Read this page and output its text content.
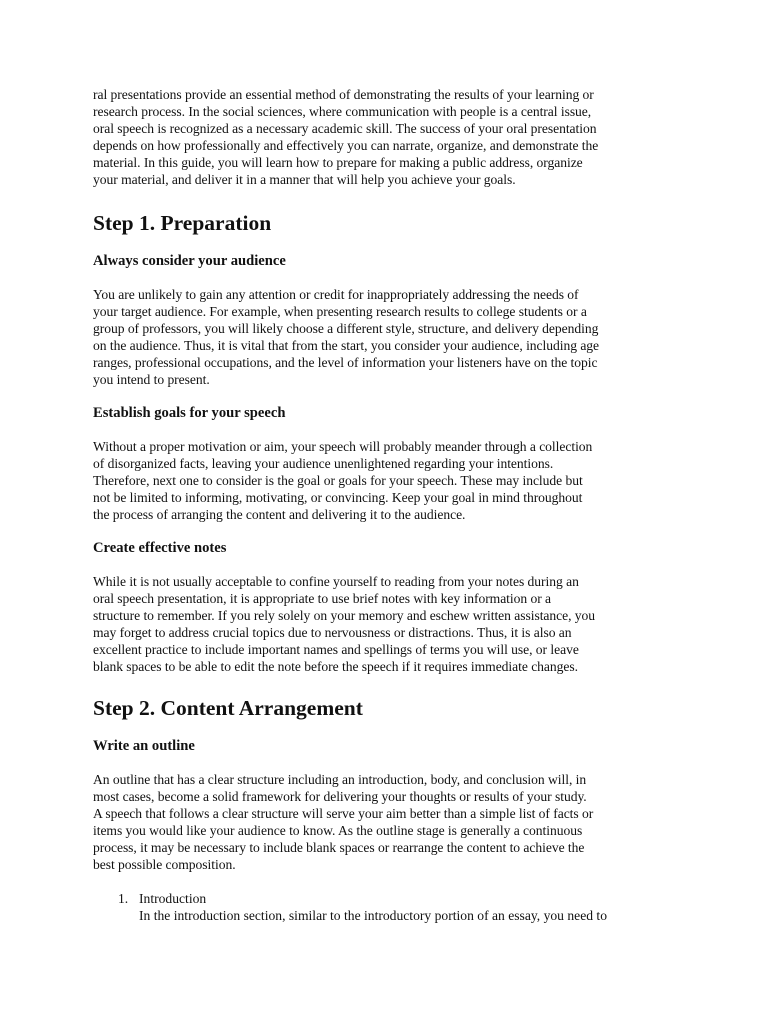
ral presentations provide an essential method of demonstrating the results of your learning or
research process. In the social sciences, where communication with people is a central issue,
oral speech is recognized as a necessary academic skill. The success of your oral presentation
depends on how professionally and effectively you can narrate, organize, and demonstrate the
material. In this guide, you will learn how to prepare for making a public address, organize
your material, and deliver it in a manner that will help you achieve your goals.

Step 1. Preparation
Always consider your audience

You are unlikely to gain any attention or credit for inappropriately addressing the needs of
your target audience. For example, when presenting research results to college students or a
group of professors, you will likely choose a different style, structure, and delivery depending
on the audience. Thus, it is vital that from the start, you consider your audience, including age
ranges, professional occupations, and the level of information your listeners have on the topic
you intend to present.

Establish goals for your speech

Without a proper motivation or aim, your speech will probably meander through a collection
of disorganized facts, leaving your audience unenlightened regarding your intentions.
Therefore, next one to consider is the goal or goals for your speech. These may include but
not be limited to informing, motivating, or convincing. Keep your goal in mind throughout
the process of arranging the content and delivering it to the audience.

Create effective notes

While it is not usually acceptable to confine yourself to reading from your notes during an
oral speech presentation, it is appropriate to use brief notes with key information or a
structure to remember. If you rely solely on your memory and eschew written assistance, you
may forget to address crucial topics due to nervousness or distractions. Thus, it is also an
excellent practice to include important names and spellings of terms you will use, or leave
blank spaces to be able to edit the note before the speech if it requires immediate changes.

Step 2. Content Arrangement
Write an outline

An outline that has a clear structure including an introduction, body, and conclusion will, in
most cases, become a solid framework for delivering your thoughts or results of your study.
A speech that follows a clear structure will serve your aim better than a simple list of facts or
items you would like your audience to know. As the outline stage is generally a continuous
process, it may be necessary to include blank spaces or rearrange the content to achieve the
best possible composition.

1. Introduction
In the introduction section, similar to the introductory portion of an essay, you need to
